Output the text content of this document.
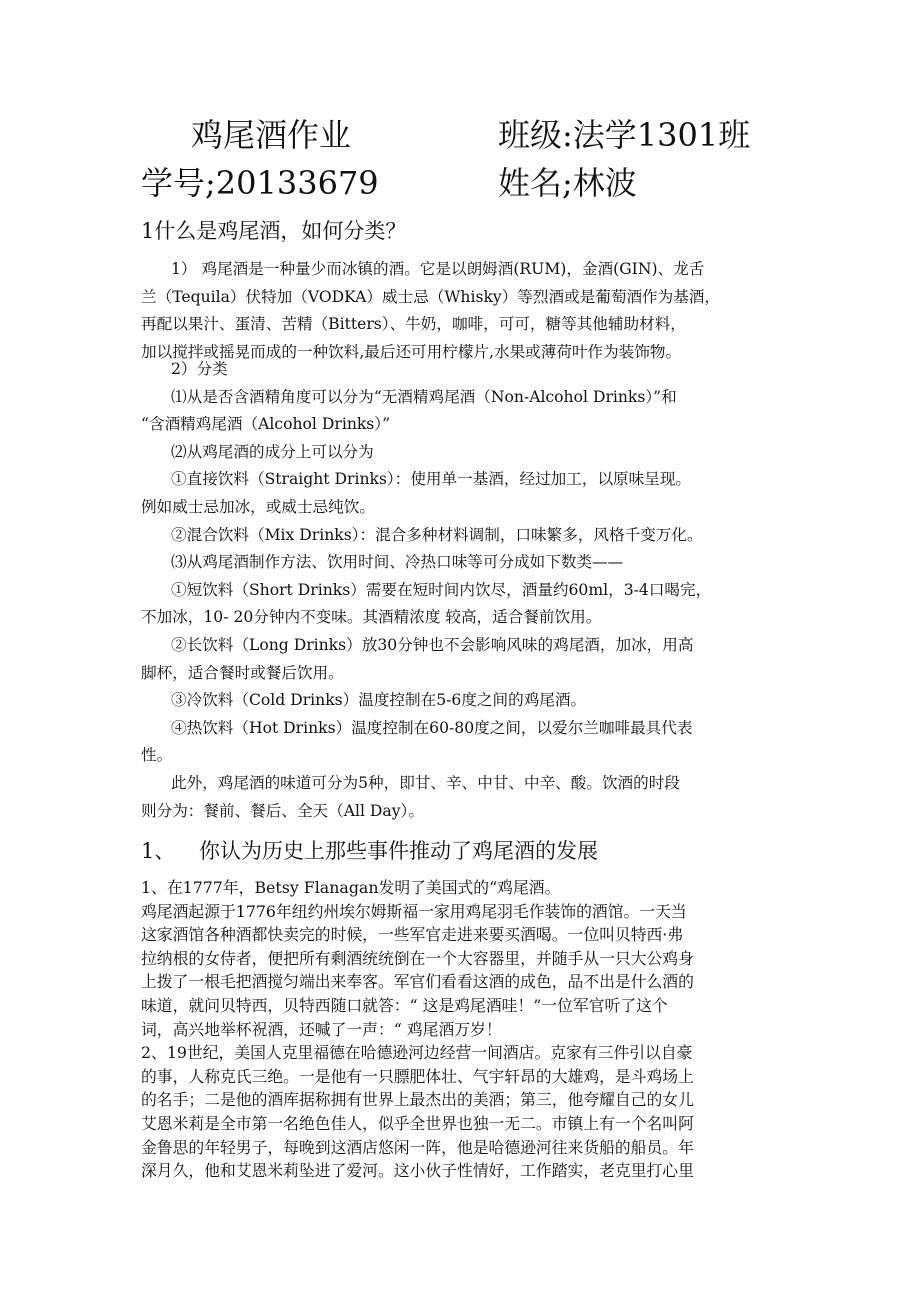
鸡尾酒作业	班级:法学1301班
学号;20133679	姓名;林波
1什么是鸡尾酒，如何分类？

1） 鸡尾酒是一种量少而冰镇的酒。它是以朗姆酒(RUM)，金酒(GIN)、龙舌

兰（Tequila）伏特加（VODKA）威士忌（Whisky）等烈酒或是葡萄酒作为基酒，

再配以果汁、蛋清、苦精（Bitters）、牛奶，咖啡，可可，糖等其他辅助材料，

加以搅拌或摇晃而成的一种饮料,最后还可用柠檬片,水果或薄荷叶作为装饰物。

2）分类

⑴从是否含酒精角度可以分为“无酒精鸡尾酒（Non-Alcohol Drinks）”和

“含酒精鸡尾酒（Alcohol Drinks）”

⑵从鸡尾酒的成分上可以分为

①直接饮料（Straight Drinks）：使用单一基酒，经过加工，以原味呈现。

例如威士忌加冰，或威士忌纯饮。

②混合饮料（Mix Drinks）：混合多种材料调制，口味繁多，风格千变万化。

⑶从鸡尾酒制作方法、饮用时间、冷热口味等可分成如下数类——

①短饮料（Short Drinks）需要在短时间内饮尽，酒量约60ml，3-4口喝完，

不加冰，10- 20分钟内不变味。其酒精浓度 较高，适合餐前饮用。

②长饮料（Long Drinks）放30分钟也不会影响风味的鸡尾酒，加冰，用高

脚杯，适合餐时或餐后饮用。

③冷饮料（Cold Drinks）温度控制在5-6度之间的鸡尾酒。

④热饮料（Hot Drinks）温度控制在60-80度之间，以爱尔兰咖啡最具代表

性。

此外，鸡尾酒的味道可分为5种，即甘、辛、中甘、中辛、酸。饮酒的时段

则分为：餐前、餐后、全天（All Day）。

1、 你认为历史上那些事件推动了鸡尾酒的发展

1、在1777年，Betsy Flanagan发明了美国式的“鸡尾酒。

鸡尾酒起源于1776年纽约州埃尔姆斯福一家用鸡尾羽毛作装饰的酒馆。一天当

这家酒馆各种酒都快卖完的时候，一些军官走进来要买酒喝。一位叫贝特西·弗

拉纳根的女侍者，便把所有剩酒统统倒在一个大容器里，并随手从一只大公鸡身

上拨了一根毛把酒搅匀端出来奉客。军官们看看这酒的成色，品不出是什么酒的

味道，就问贝特西，贝特西随口就答：“ 这是鸡尾酒哇！”一位军官听了这个

词，高兴地举杯祝酒，还喊了一声：“ 鸡尾酒万岁！

2、19世纪，美国人克里福德在哈德逊河边经营一间酒店。克家有三件引以自豪

的事，人称克氏三绝。一是他有一只膘肥体壮、气宇轩昂的大雄鸡，是斗鸡场上

的名手；二是他的酒库据称拥有世界上最杰出的美酒；第三，他夸耀自己的女儿

艾恩米莉是全市第一名绝色佳人，似乎全世界也独一无二。市镇上有一个名叫阿

金鲁思的年轻男子，每晚到这酒店悠闲一阵，他是哈德逊河往来货船的船员。年

深月久，他和艾恩米莉坠进了爱河。这小伙子性情好，工作踏实，老克里打心里
